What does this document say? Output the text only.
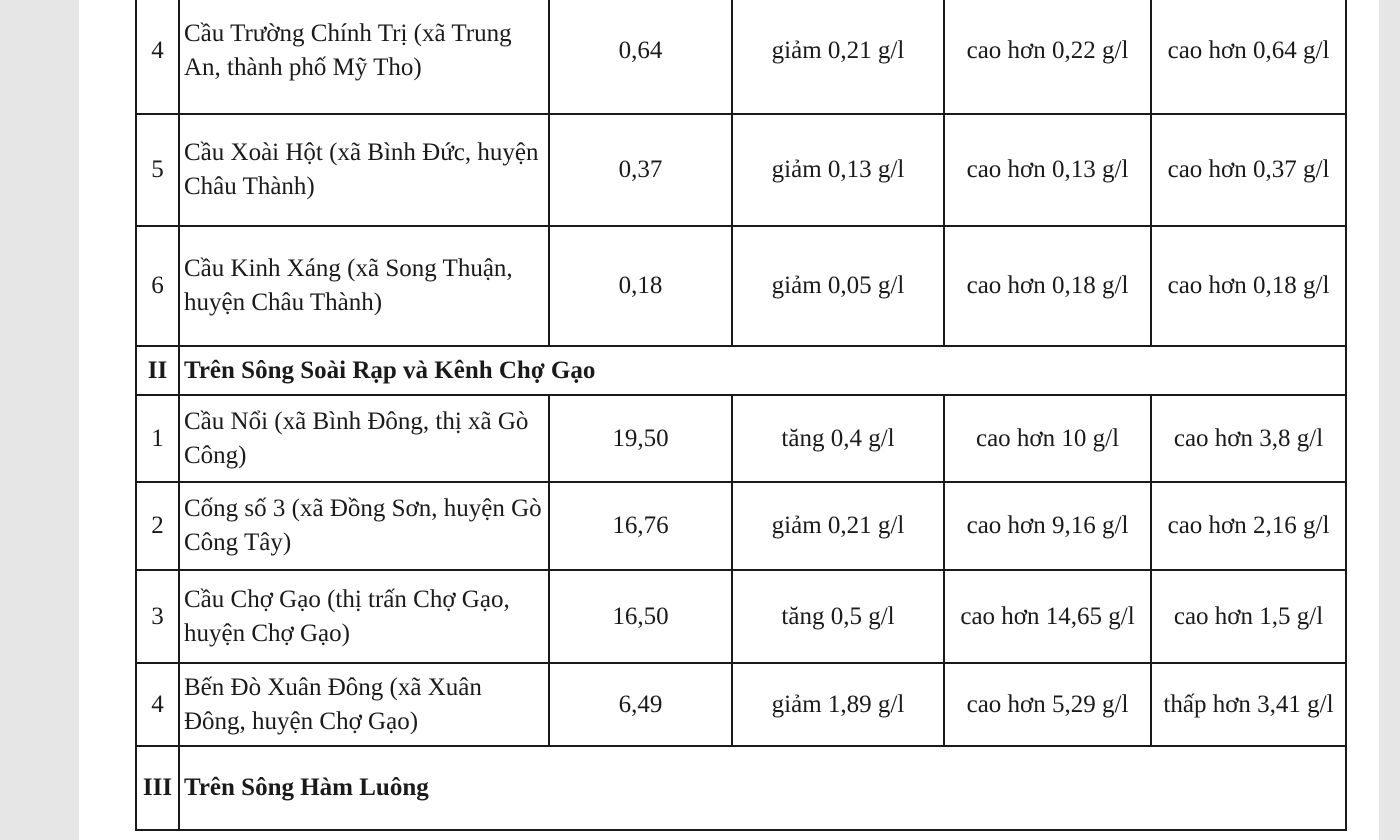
4	Cầu Trường Chính Trị (xã Trung An, thành phố Mỹ Tho)	0,64	giảm 0,21 g/l	cao hơn 0,22 g/l	cao hơn 0,64 g/l
5	Cầu Xoài Hột (xã Bình Đức, huyện Châu Thành)	0,37	giảm 0,13 g/l	cao hơn 0,13 g/l	cao hơn 0,37 g/l
6	Cầu Kinh Xáng (xã Song Thuận, huyện Châu Thành)	0,18	giảm 0,05 g/l	cao hơn 0,18 g/l	cao hơn 0,18 g/l
II	Trên Sông Soài Rạp và Kênh Chợ Gạo				
1	Cầu Nổi (xã Bình Đông, thị xã Gò Công)	19,50	tăng 0,4 g/l	cao hơn 10 g/l	cao hơn 3,8 g/l
2	Cống số 3 (xã Đồng Sơn, huyện Gò Công Tây)	16,76	giảm 0,21 g/l	cao hơn 9,16 g/l	cao hơn 2,16 g/l
3	Cầu Chợ Gạo (thị trấn Chợ Gạo, huyện Chợ Gạo)	16,50	tăng 0,5 g/l	cao hơn 14,65 g/l	cao hơn 1,5 g/l
4	Bến Đò Xuân Đông (xã Xuân Đông, huyện Chợ Gạo)	6,49	giảm 1,89 g/l	cao hơn 5,29 g/l	thấp hơn 3,41 g/l
III	Trên Sông Hàm Luông				
